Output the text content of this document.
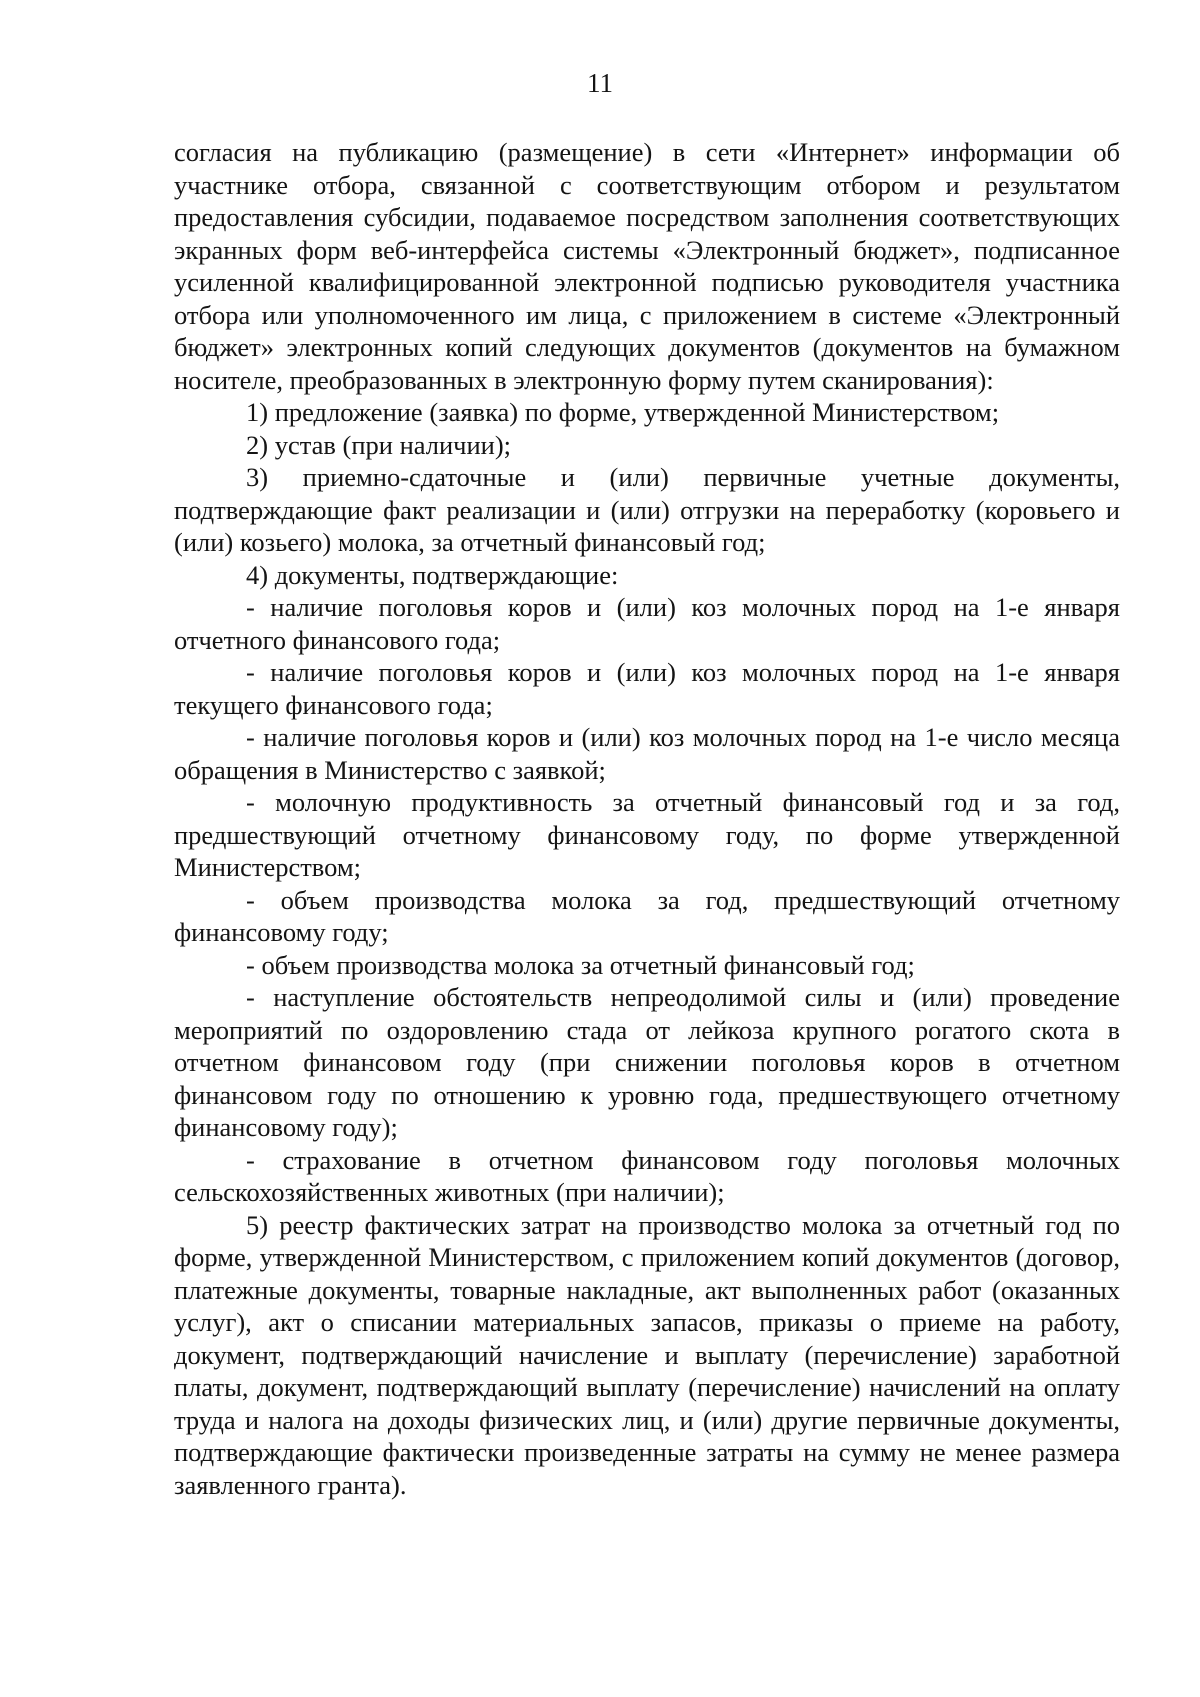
11

согласия на публикацию (размещение) в сети «Интернет» информации об участнике отбора, связанной с соответствующим отбором и результатом предоставления субсидии, подаваемое посредством заполнения соответствующих экранных форм веб-интерфейса системы «Электронный бюджет», подписанное усиленной квалифицированной электронной подписью руководителя участника отбора или уполномоченного им лица, с приложением в системе «Электронный бюджет» электронных копий следующих документов (документов на бумажном носителе, преобразованных в электронную форму путем сканирования):

1) предложение (заявка) по форме, утвержденной Министерством;

2) устав (при наличии);

3) приемно-сдаточные и (или) первичные учетные документы, подтверждающие факт реализации и (или) отгрузки на переработку (коровьего и (или) козьего) молока, за отчетный финансовый год;

4) документы, подтверждающие:

- наличие поголовья коров и (или) коз молочных пород на 1-е января отчетного финансового года;

- наличие поголовья коров и (или) коз молочных пород на 1-е января текущего финансового года;

- наличие поголовья коров и (или) коз молочных пород на 1-е число месяца обращения в Министерство с заявкой;

- молочную продуктивность за отчетный финансовый год и за год, предшествующий отчетному финансовому году, по форме утвержденной Министерством;

- объем производства молока за год, предшествующий отчетному финансовому году;

- объем производства молока за отчетный финансовый год;

- наступление обстоятельств непреодолимой силы и (или) проведение мероприятий по оздоровлению стада от лейкоза крупного рогатого скота в отчетном финансовом году (при снижении поголовья коров в отчетном финансовом году по отношению к уровню года, предшествующего отчетному финансовому году);

- страхование в отчетном финансовом году поголовья молочных сельскохозяйственных животных (при наличии);

5) реестр фактических затрат на производство молока за отчетный год по форме, утвержденной Министерством, с приложением копий документов (договор, платежные документы, товарные накладные, акт выполненных работ (оказанных услуг), акт о списании материальных запасов, приказы о приеме на работу, документ, подтверждающий начисление и выплату (перечисление) заработной платы, документ, подтверждающий выплату (перечисление) начислений на оплату труда и налога на доходы физических лиц, и (или) другие первичные документы, подтверждающие фактически произведенные затраты на сумму не менее размера заявленного гранта).
